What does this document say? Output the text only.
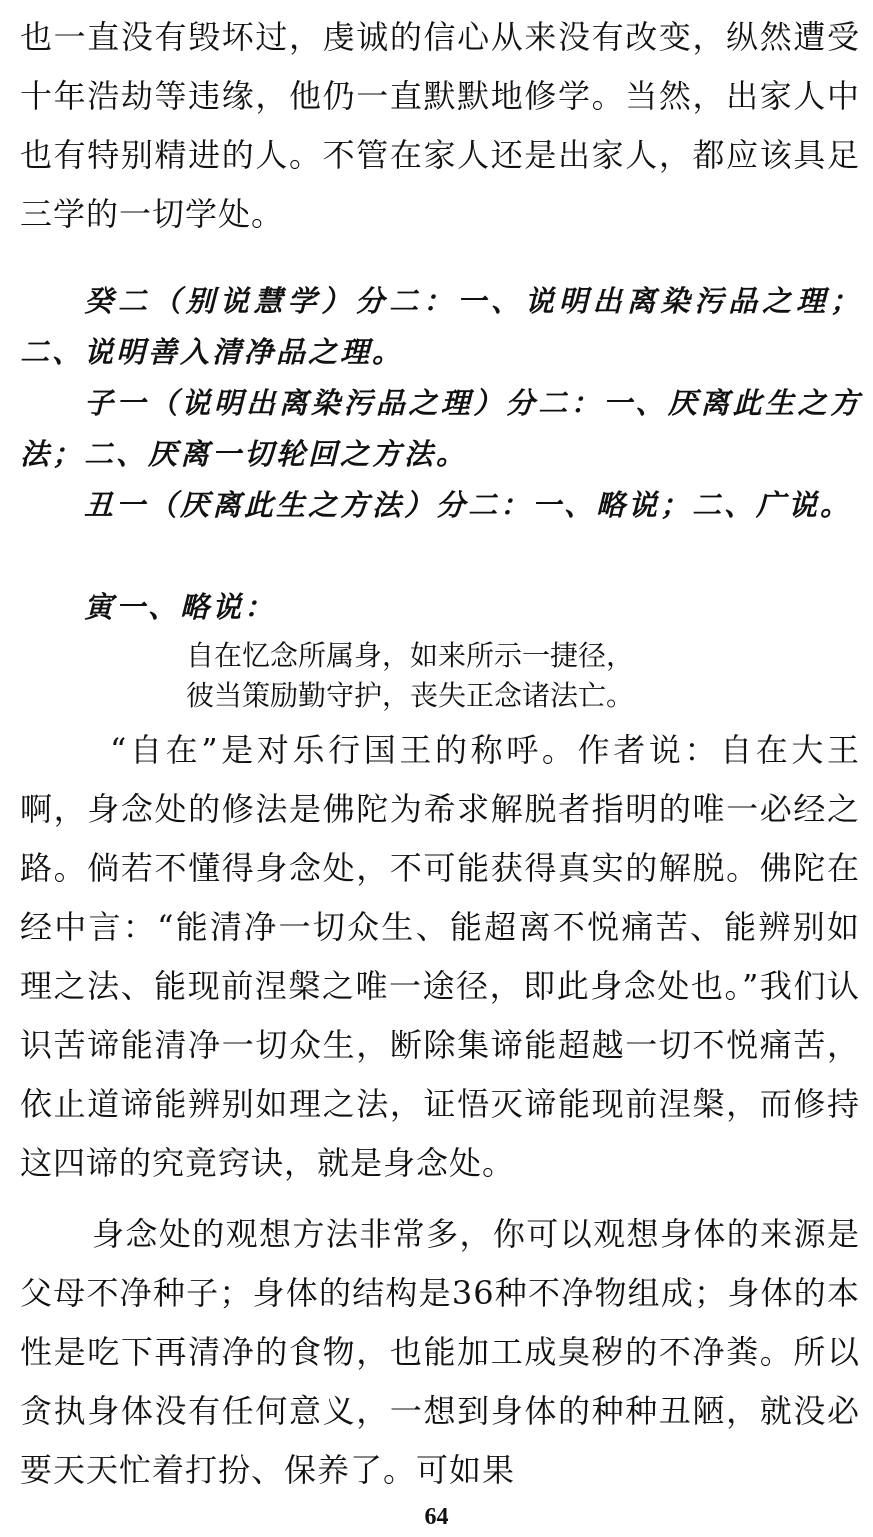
也一直没有毁坏过，虔诚的信心从来没有改变，纵然遭受十年浩劫等违缘，他仍一直默默地修学。当然，出家人中也有特别精进的人。不管在家人还是出家人，都应该具足三学的一切学处。

癸二（别说慧学）分二：一、说明出离染污品之理；二、说明善入清净品之理。

子一（说明出离染污品之理）分二：一、厌离此生之方法；二、厌离一切轮回之方法。

丑一（厌离此生之方法）分二：一、略说；二、广说。

寅一、略说：

自在忆念所属身，如来所示一捷径，
彼当策励勤守护，丧失正念诸法亡。

“自在”是对乐行国王的称呼。作者说：自在大王啊，身念处的修法是佛陀为希求解脱者指明的唯一必经之路。倘若不懂得身念处，不可能获得真实的解脱。佛陀在经中言：“能清净一切众生、能超离不悦痛苦、能辨别如理之法、能现前涅槃之唯一途径，即此身念处也。”我们认识苦谛能清净一切众生，断除集谛能超越一切不悦痛苦，依止道谛能辨别如理之法，证悟灭谛能现前涅槃，而修持这四谛的究竟窍诀，就是身念处。

身念处的观想方法非常多，你可以观想身体的来源是父母不净种子；身体的结构是36种不净物组成；身体的本性是吃下再清净的食物，也能加工成臭秽的不净粪。所以贪执身体没有任何意义，一想到身体的种种丑陋，就没必要天天忙着打扮、保养了。可如果

64
